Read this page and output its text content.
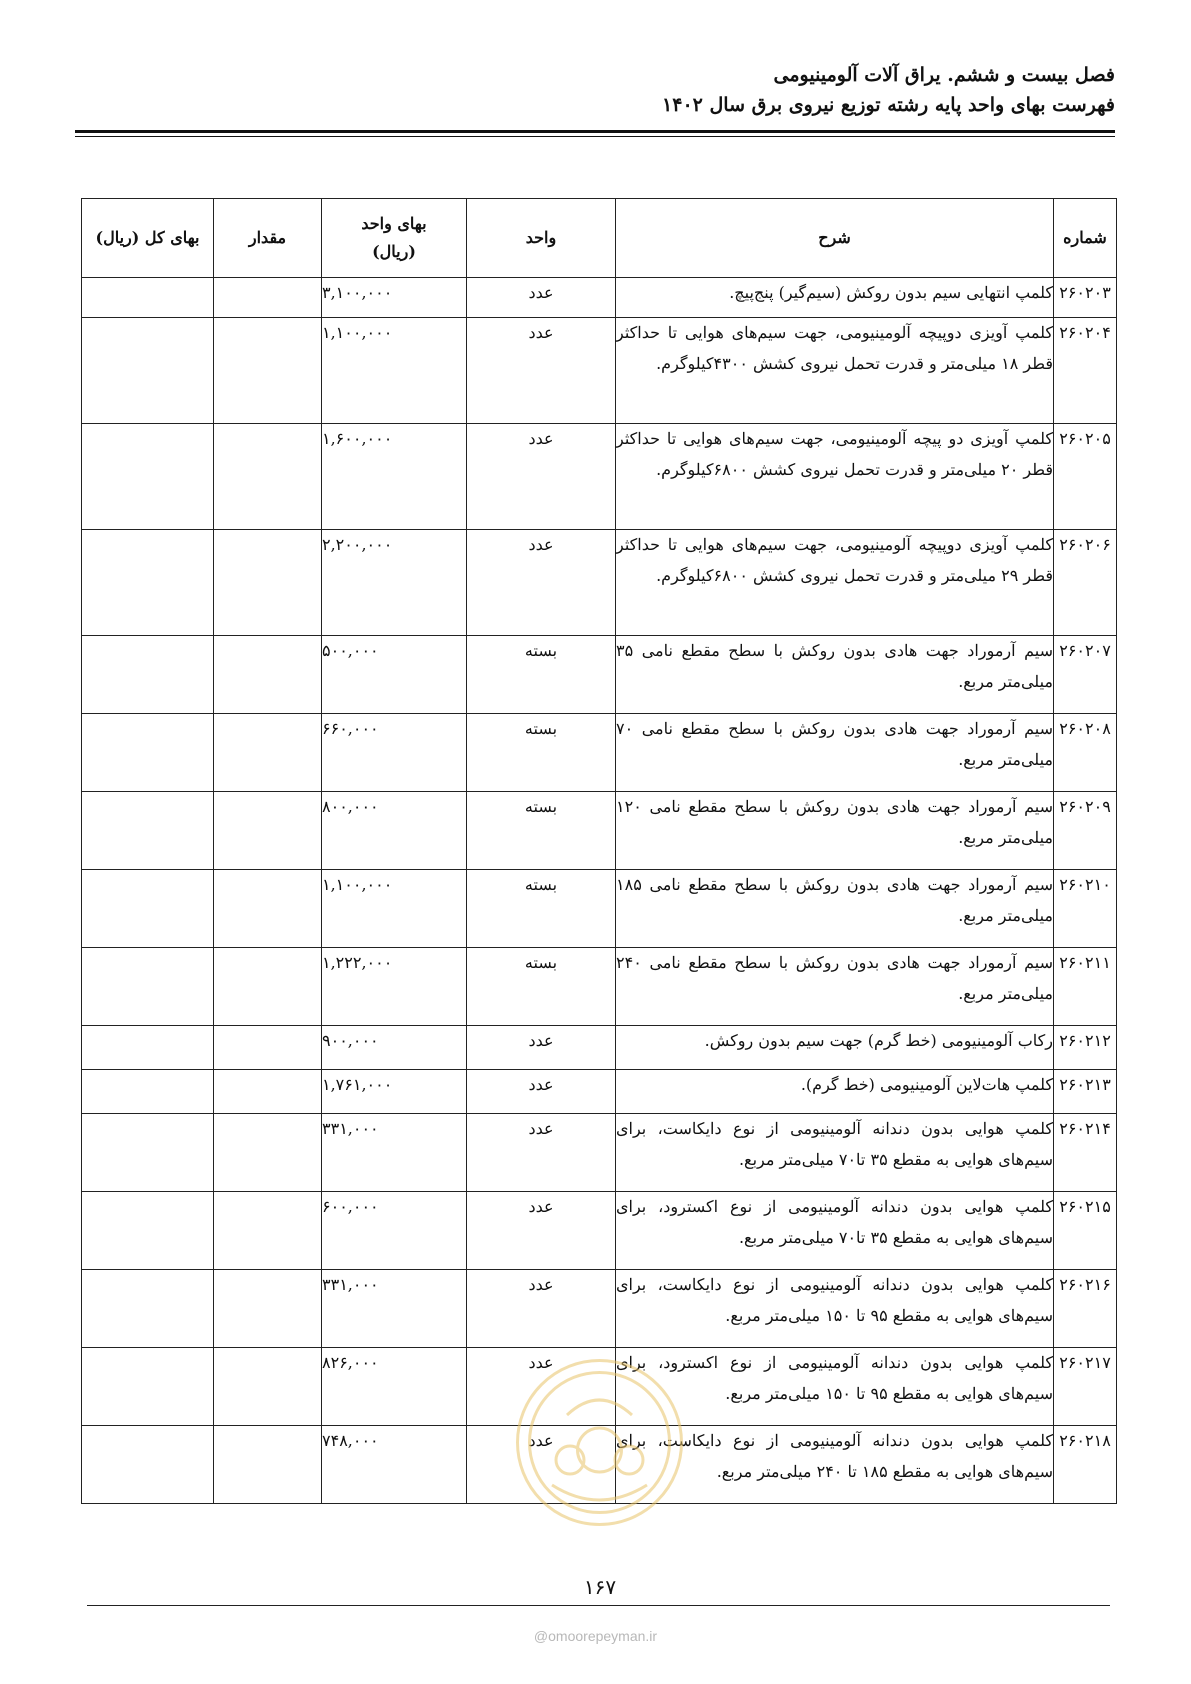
فصل بیست و ششم. یراق آلات آلومینیومی
فهرست بهای واحد پایه رشته توزیع نیروی برق سال ۱۴۰۲
شماره	شرح	واحد	بهای واحد (ریال)	مقدار	بهای کل (ریال)
۲۶۰۲۰۳	کلمپ انتهایی سیم بدون روکش (سیم‌گیر) پنج‌پیچ.	عدد	۳,۱۰۰,۰۰۰		
۲۶۰۲۰۴	کلمپ آویزی دوپیچه آلومینیومی، جهت سیم‌های هوایی تا حداکثر قطر ۱۸ میلی‌متر و قدرت تحمل نیروی کشش ۴۳۰۰کیلوگرم.	عدد	۱,۱۰۰,۰۰۰		
۲۶۰۲۰۵	کلمپ آویزی دو پیچه آلومینیومی، جهت سیم‌های هوایی تا حداکثر قطر ۲۰ میلی‌متر و قدرت تحمل نیروی کشش ۶۸۰۰کیلوگرم.	عدد	۱,۶۰۰,۰۰۰		
۲۶۰۲۰۶	کلمپ آویزی دوپیچه آلومینیومی، جهت سیم‌های هوایی تا حداکثر قطر ۲۹ میلی‌متر و قدرت تحمل نیروی کشش ۶۸۰۰کیلوگرم.	عدد	۲,۲۰۰,۰۰۰		
۲۶۰۲۰۷	سیم آرموراد جهت هادی بدون روکش با سطح مقطع نامی ۳۵ میلی‌متر مربع.	بسته	۵۰۰,۰۰۰		
۲۶۰۲۰۸	سیم آرموراد جهت هادی بدون روکش با سطح مقطع نامی ۷۰ میلی‌متر مربع.	بسته	۶۶۰,۰۰۰		
۲۶۰۲۰۹	سیم آرموراد جهت هادی بدون روکش با سطح مقطع نامی ۱۲۰ میلی‌متر مربع.	بسته	۸۰۰,۰۰۰		
۲۶۰۲۱۰	سیم آرموراد جهت هادی بدون روکش با سطح مقطع نامی ۱۸۵ میلی‌متر مربع.	بسته	۱,۱۰۰,۰۰۰		
۲۶۰۲۱۱	سیم آرموراد جهت هادی بدون روکش با سطح مقطع نامی ۲۴۰ میلی‌متر مربع.	بسته	۱,۲۲۲,۰۰۰		
۲۶۰۲۱۲	رکاب آلومینیومی (خط گرم) جهت سیم بدون روکش.	عدد	۹۰۰,۰۰۰		
۲۶۰۲۱۳	کلمپ هات‌لاین آلومینیومی (خط گرم).	عدد	۱,۷۶۱,۰۰۰		
۲۶۰۲۱۴	کلمپ هوایی بدون دندانه آلومینیومی از نوع دایکاست، برای سیم‌های هوایی به مقطع ۳۵ تا۷۰ میلی‌متر مربع.	عدد	۳۳۱,۰۰۰		
۲۶۰۲۱۵	کلمپ هوایی بدون دندانه آلومینیومی از نوع اکسترود، برای سیم‌های هوایی به مقطع ۳۵ تا۷۰ میلی‌متر مربع.	عدد	۶۰۰,۰۰۰		
۲۶۰۲۱۶	کلمپ هوایی بدون دندانه آلومینیومی از نوع دایکاست، برای سیم‌های هوایی به مقطع ۹۵ تا ۱۵۰ میلی‌متر مربع.	عدد	۳۳۱,۰۰۰		
۲۶۰۲۱۷	کلمپ هوایی بدون دندانه آلومینیومی از نوع اکسترود، برای سیم‌های هوایی به مقطع ۹۵ تا ۱۵۰ میلی‌متر مربع.	عدد	۸۲۶,۰۰۰		
۲۶۰۲۱۸	کلمپ هوایی بدون دندانه آلومینیومی از نوع دایکاست، برای سیم‌های هوایی به مقطع ۱۸۵ تا ۲۴۰ میلی‌متر مربع.	عدد	۷۴۸,۰۰۰		
۱۶۷
@omoorepeyman.ir
